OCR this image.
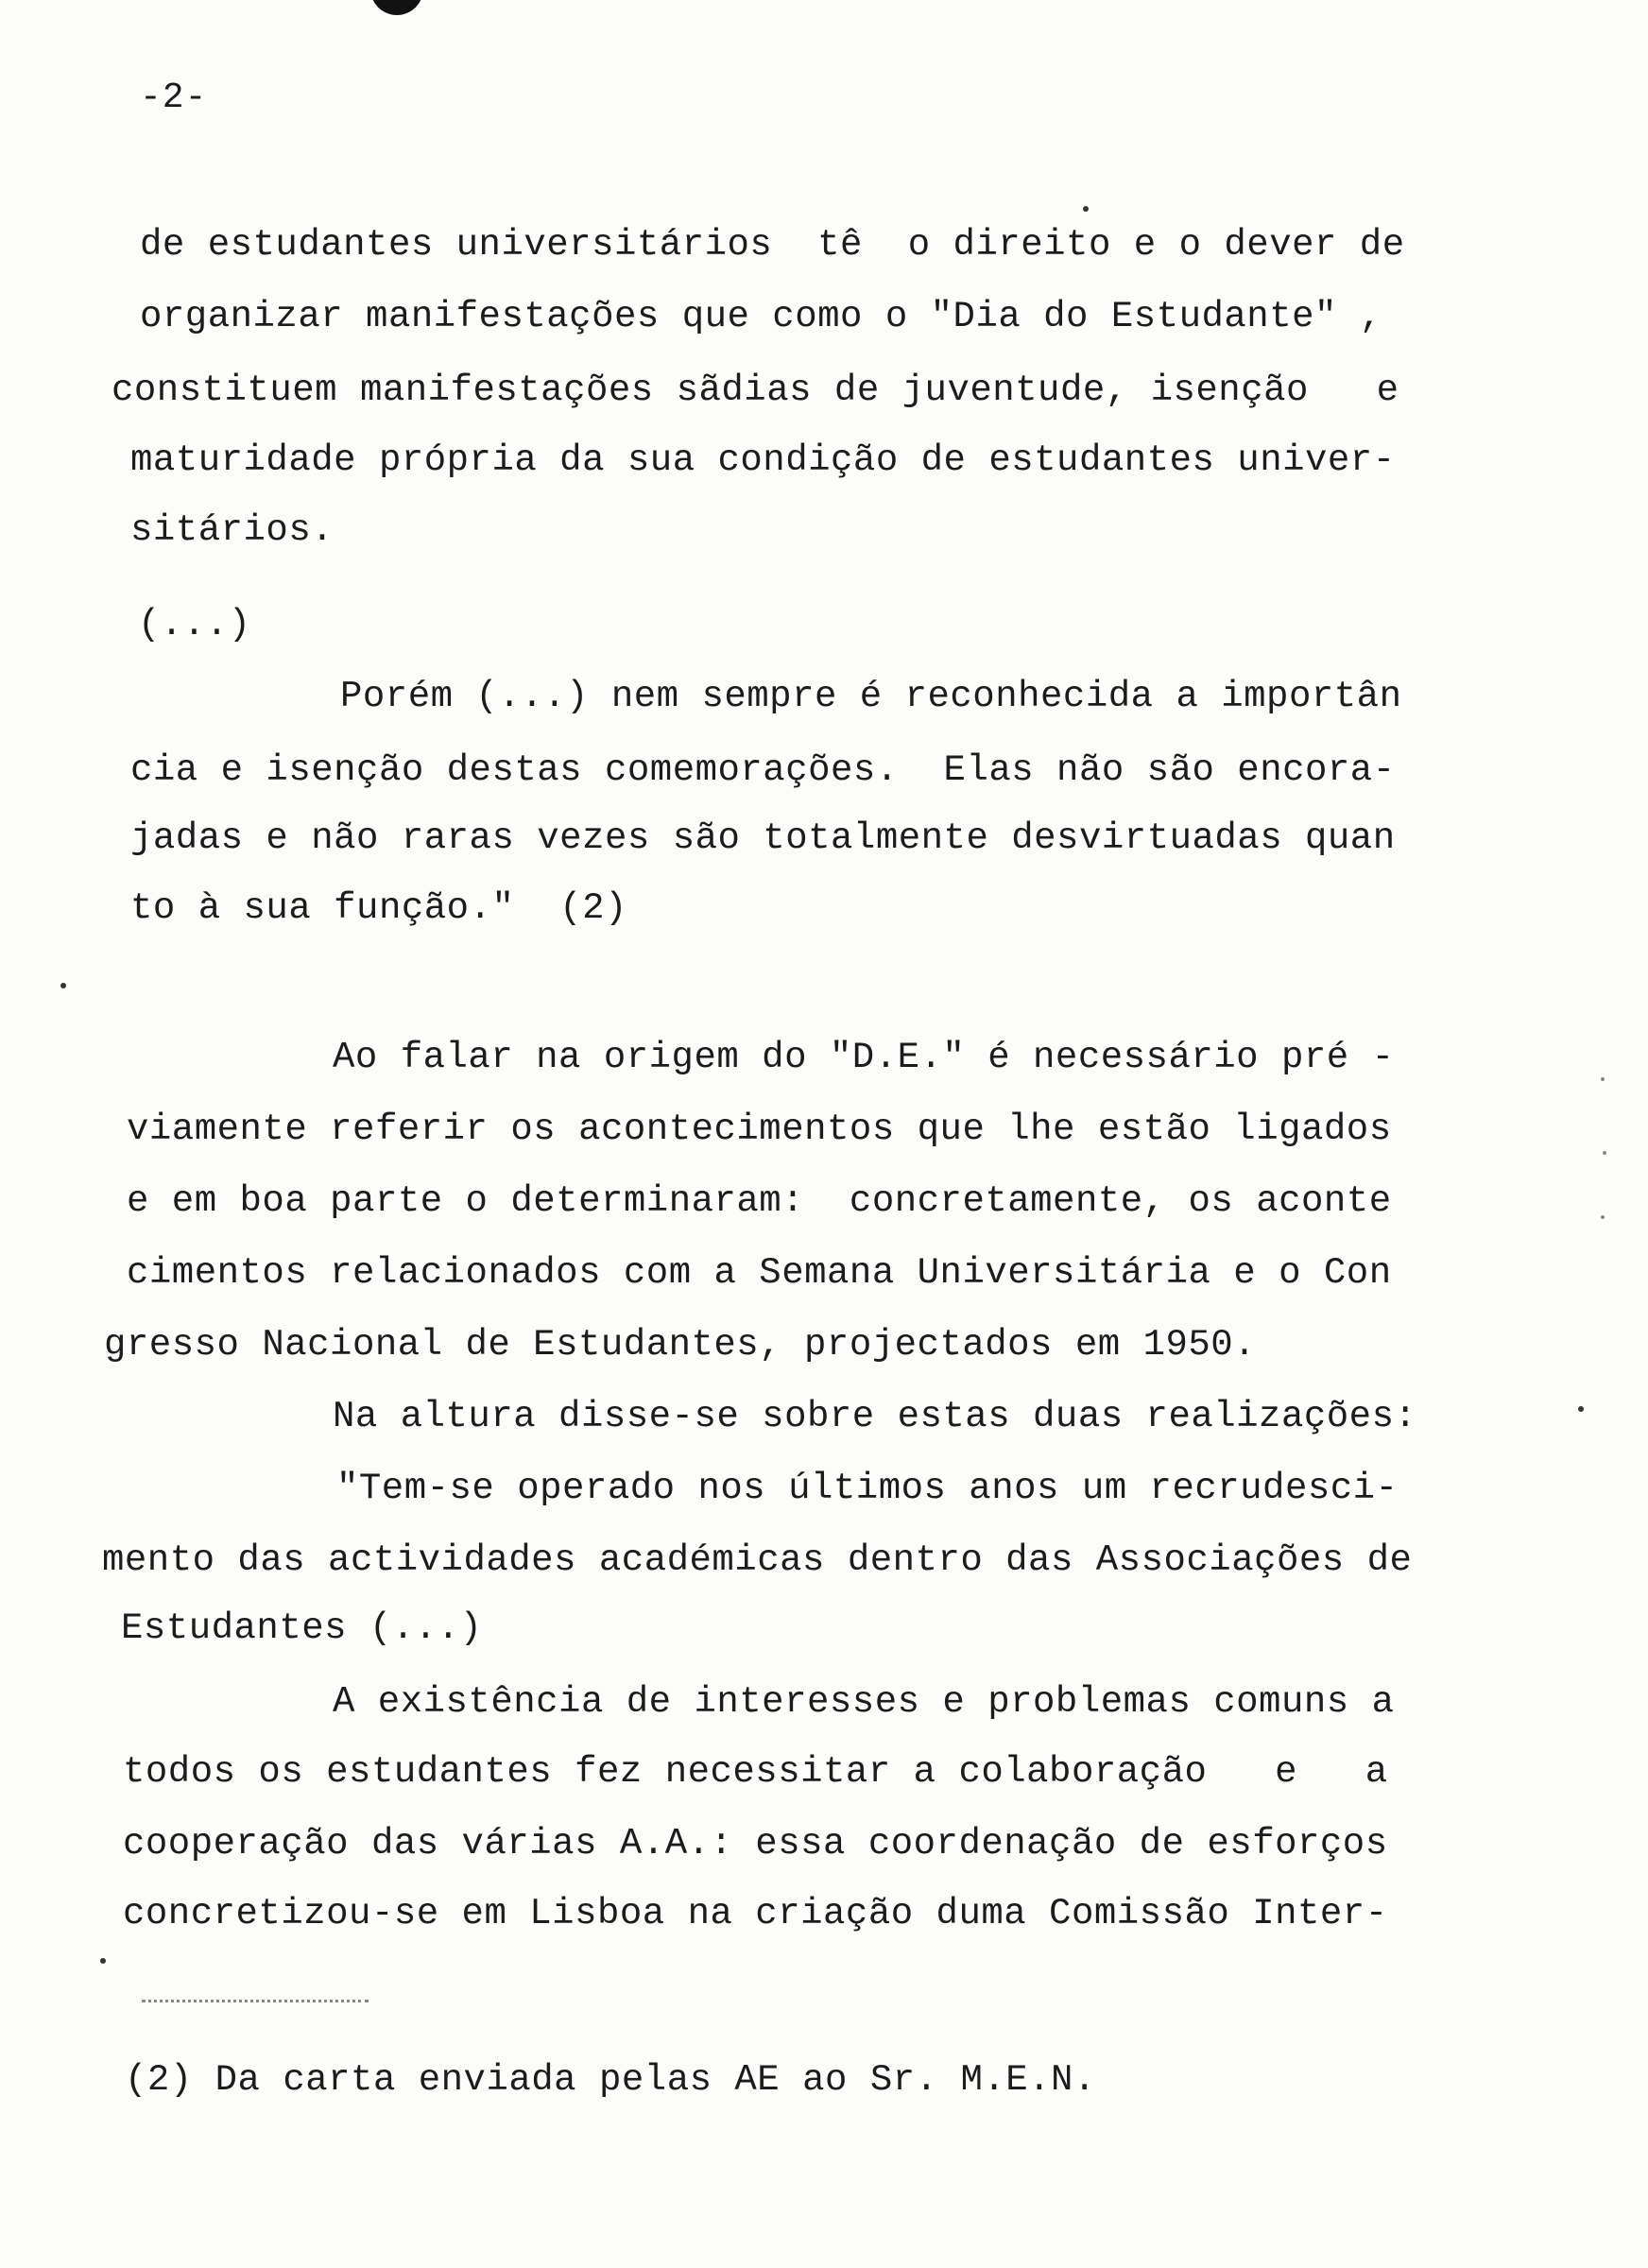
-2-
de estudantes universitários  tê  o direito e o dever de
organizar manifestações que como o "Dia do Estudante" ,
constituem manifestações sãdias de juventude, isenção   e
maturidade própria da sua condição de estudantes univer-
sitários.
(...)
Porém (...) nem sempre é reconhecida a importân
cia e isenção destas comemorações.  Elas não são encora-
jadas e não raras vezes são totalmente desvirtuadas quan
to à sua função."  (2)
Ao falar na origem do "D.E." é necessário pré -
viamente referir os acontecimentos que lhe estão ligados
e em boa parte o determinaram:  concretamente, os aconte
cimentos relacionados com a Semana Universitária e o Con
gresso Nacional de Estudantes, projectados em 1950.
Na altura disse-se sobre estas duas realizações:
"Tem-se operado nos últimos anos um recrudesci-
mento das actividades académicas dentro das Associações de
Estudantes (...)
A existência de interesses e problemas comuns a
todos os estudantes fez necessitar a colaboração   e   a
cooperação das várias A.A.: essa coordenação de esforços
concretizou-se em Lisboa na criação duma Comissão Inter-
(2) Da carta enviada pelas AE ao Sr. M.E.N.
